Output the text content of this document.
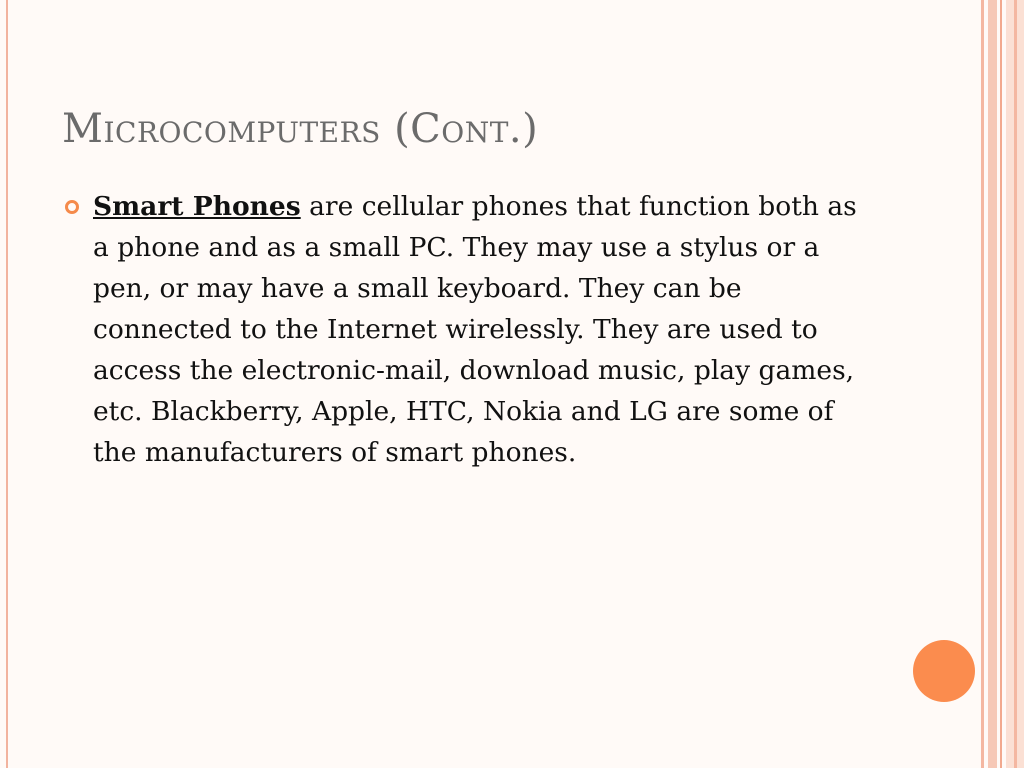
Microcomputers (Cont.)

Smart Phones are cellular phones that function both as a phone and as a small PC. They may use a stylus or a pen, or may have a small keyboard. They can be connected to the Internet wirelessly. They are used to access the electronic-mail, download music, play games, etc. Blackberry, Apple, HTC, Nokia and LG are some of the manufacturers of smart phones.
